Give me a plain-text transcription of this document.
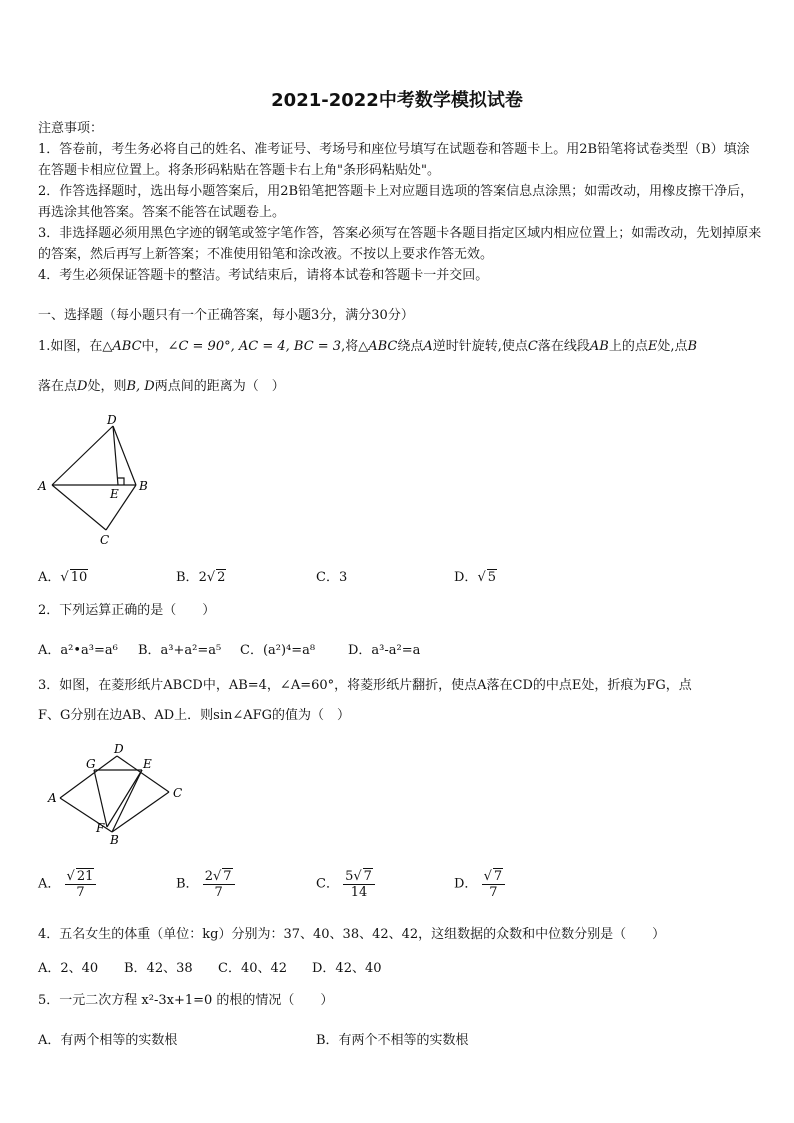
2021-2022中考数学模拟试卷

注意事项：

1．答卷前，考生务必将自己的姓名、准考证号、考场号和座位号填写在试题卷和答题卡上。用2B铅笔将试卷类型（B）填涂在答题卡相应位置上。将条形码粘贴在答题卡右上角"条形码粘贴处"。

2．作答选择题时，选出每小题答案后，用2B铅笔把答题卡上对应题目选项的答案信息点涂黑；如需改动，用橡皮擦干净后，再选涂其他答案。答案不能答在试题卷上。

3．非选择题必须用黑色字迹的钢笔或签字笔作答，答案必须写在答题卡各题目指定区域内相应位置上；如需改动，先划掉原来的答案，然后再写上新答案；不准使用铅笔和涂改液。不按以上要求作答无效。

4．考生必须保证答题卡的整洁。考试结束后，请将本试卷和答题卡一并交回。

一、选择题（每小题只有一个正确答案，每小题3分，满分30分）
1.如图，在△ABC中，∠C = 90°, AC = 4, BC = 3,将△ABC绕点A逆时针旋转,使点C落在线段AB上的点E处,点B
落在点D处，则B, D两点间的距离为（　）
D
A
E
B
C
A．√ 10	B．2√ 2	C．3	D．√ 5
2．下列运算正确的是（　　）
A．a²•a³=a⁶ B．a³+a²=a⁵ C．(a²)⁴=a⁸	D．a³-a²=a
3．如图，在菱形纸片ABCD中，AB=4，∠A=60°，将菱形纸片翻折，使点A落在CD的中点E处，折痕为FG，点
F、G分别在边AB、AD上．则sin∠AFG的值为（　）
D
G	E
A	C
F
B
A． $\frac{√ 21}{7}$	B． $\frac{2√ 7}{7}$	C． $\frac{5√ 7}{14}$	D． $\frac{√ 7}{7}$
4．五名女生的体重（单位：kg）分别为：37、40、38、42、42，这组数据的众数和中位数分别是（　　）
A．2、40 B．42、38 C．40、42 D．42、40
5．一元二次方程 x²-3x+1=0 的根的情况（　　）
A．有两个相等的实数根	B．有两个不相等的实数根
